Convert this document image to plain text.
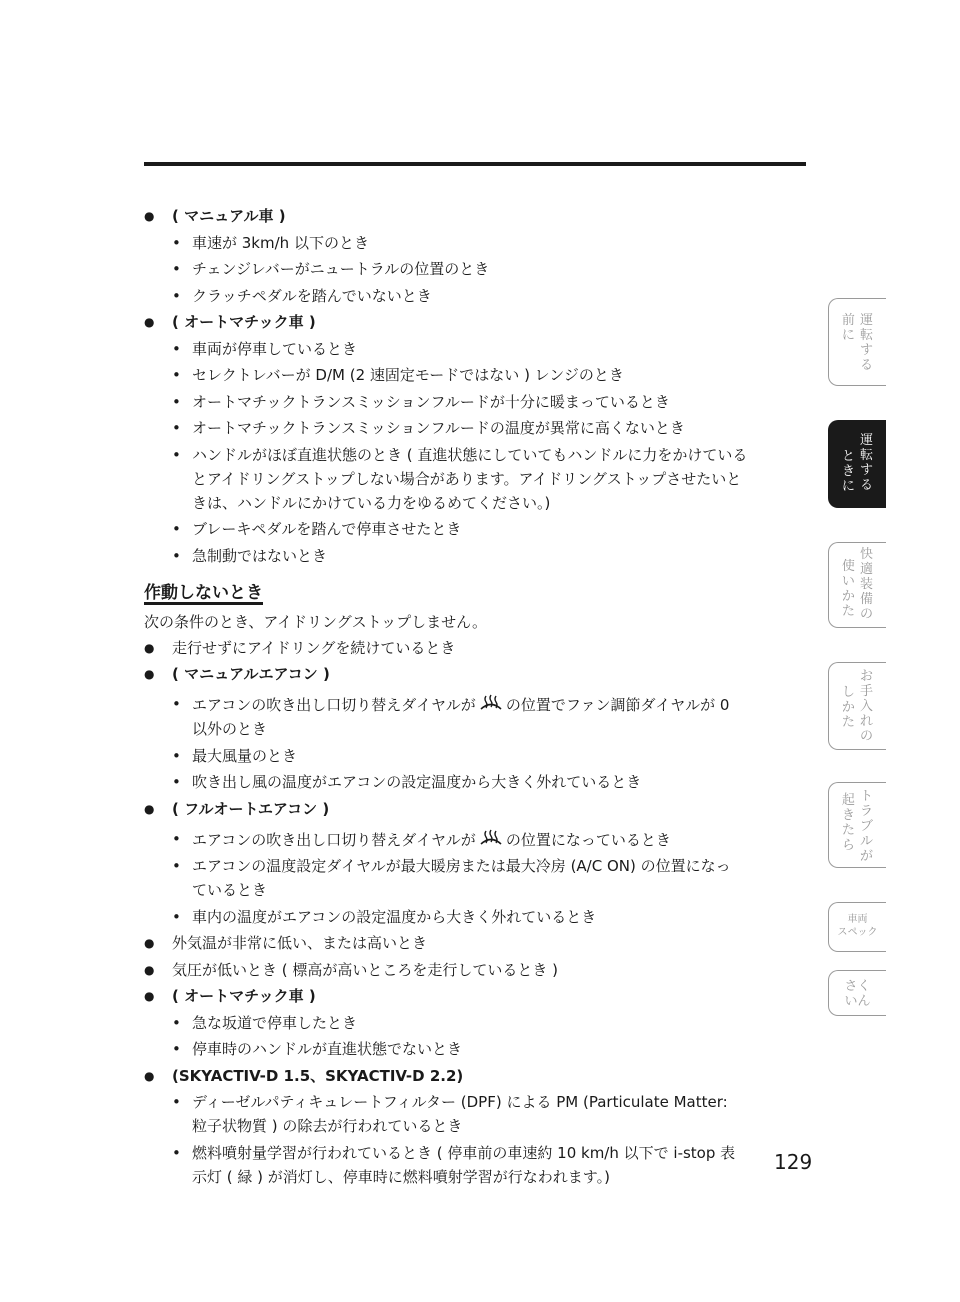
● ( マニュアル車 )
• 車速が 3km/h 以下のとき
• チェンジレバーがニュートラルの位置のとき
• クラッチペダルを踏んでいないとき
● ( オートマチック車 )
• 車両が停車しているとき
• セレクトレバーが D/M (2 速固定モードではない ) レンジのとき
• オートマチックトランスミッションフルードが十分に暖まっているとき
• オートマチックトランスミッションフルードの温度が異常に高くないとき
• ハンドルがほぼ直進状態のとき ( 直進状態にしていてもハンドルに力をかけている
とアイドリングストップしない場合があります。アイドリングストップさせたいと
きは、ハンドルにかけている力をゆるめてください。)
• ブレーキペダルを踏んで停車させたとき
• 急制動ではないとき
作動しないとき
次の条件のとき、アイドリングストップしません。
● 走行せずにアイドリングを続けているとき
● ( マニュアルエアコン )
• エアコンの吹き出し口切り替えダイヤルが の位置でファン調節ダイヤルが 0
以外のとき
• 最大風量のとき
• 吹き出し風の温度がエアコンの設定温度から大きく外れているとき
● ( フルオートエアコン )
• エアコンの吹き出し口切り替えダイヤルが の位置になっているとき
• エアコンの温度設定ダイヤルが最大暖房または最大冷房 (A/C ON) の位置になっ
ているとき
• 車内の温度がエアコンの設定温度から大きく外れているとき
● 外気温が非常に低い、または高いとき
● 気圧が低いとき ( 標高が高いところを走行しているとき )
● ( オートマチック車 )
• 急な坂道で停車したとき
• 停車時のハンドルが直進状態でないとき
● (SKYACTIV-D 1.5、SKYACTIV-D 2.2)
• ディーゼルパティキュレートフィルター (DPF) による PM (Particulate Matter:
粒子状物質 ) の除去が行われているとき
• 燃料噴射量学習が行われているとき ( 停車前の車速約 10 km/h 以下で i-stop 表
示灯 ( 緑 ) が消灯し、停車時に燃料噴射学習が行なわれます。)
前に 運転する
ときに 運転する
使いかた 快適装備の
しかた お手入れの
起きたら トラブルが
車両
スペック
さく
いん
129
